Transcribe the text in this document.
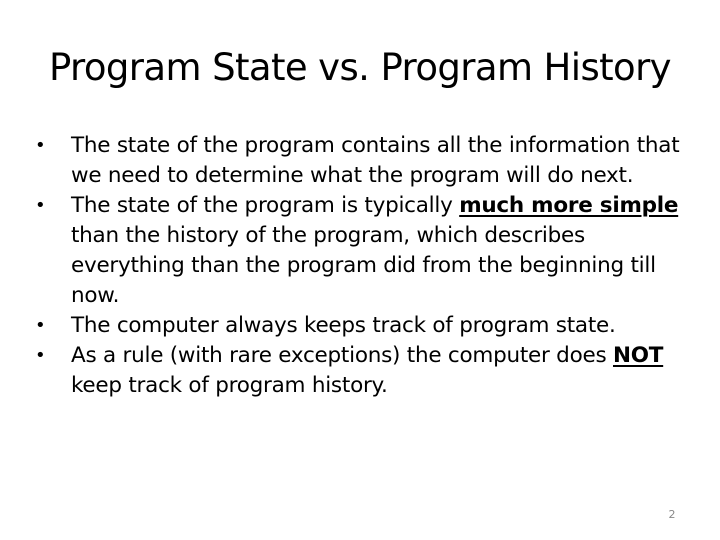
Program State vs. Program History
•	The state of the program contains all the information that we need to determine what the program will do next.
•	The state of the program is typically much more simple than the history of the program, which describes everything than the program did from the beginning till now.
•	The computer always keeps track of program state.
•	As a rule (with rare exceptions) the computer does NOT keep track of program history.
2
